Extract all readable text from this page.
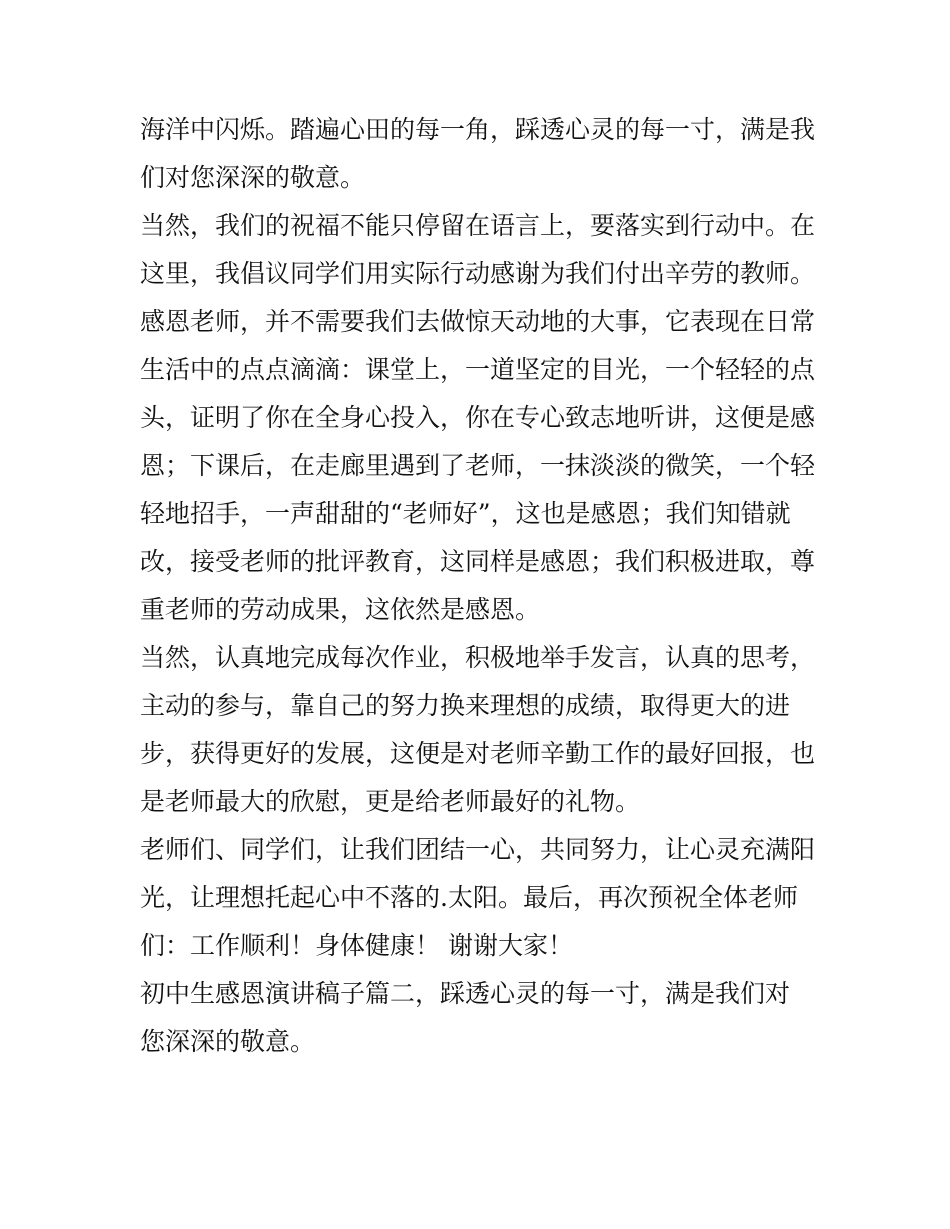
海洋中闪烁。踏遍心田的每一角，踩透心灵的每一寸，满是我
们对您深深的敬意。
当然，我们的祝福不能只停留在语言上，要落实到行动中。在
这里，我倡议同学们用实际行动感谢为我们付出辛劳的教师。
感恩老师，并不需要我们去做惊天动地的大事，它表现在日常
生活中的点点滴滴：课堂上，一道坚定的目光，一个轻轻的点
头，证明了你在全身心投入，你在专心致志地听讲，这便是感
恩；下课后，在走廊里遇到了老师，一抹淡淡的微笑，一个轻
轻地招手，一声甜甜的“老师好”，这也是感恩；我们知错就
改，接受老师的批评教育，这同样是感恩；我们积极进取，尊
重老师的劳动成果，这依然是感恩。
当然，认真地完成每次作业，积极地举手发言，认真的思考，
主动的参与，靠自己的努力换来理想的成绩，取得更大的进
步，获得更好的发展，这便是对老师辛勤工作的最好回报，也
是老师最大的欣慰，更是给老师最好的礼物。
老师们、同学们，让我们团结一心，共同努力，让心灵充满阳
光，让理想托起心中不落的.太阳。最后，再次预祝全体老师
们：工作顺利！身体健康！ 谢谢大家！
初中生感恩演讲稿子篇二，踩透心灵的每一寸，满是我们对
您深深的敬意。
